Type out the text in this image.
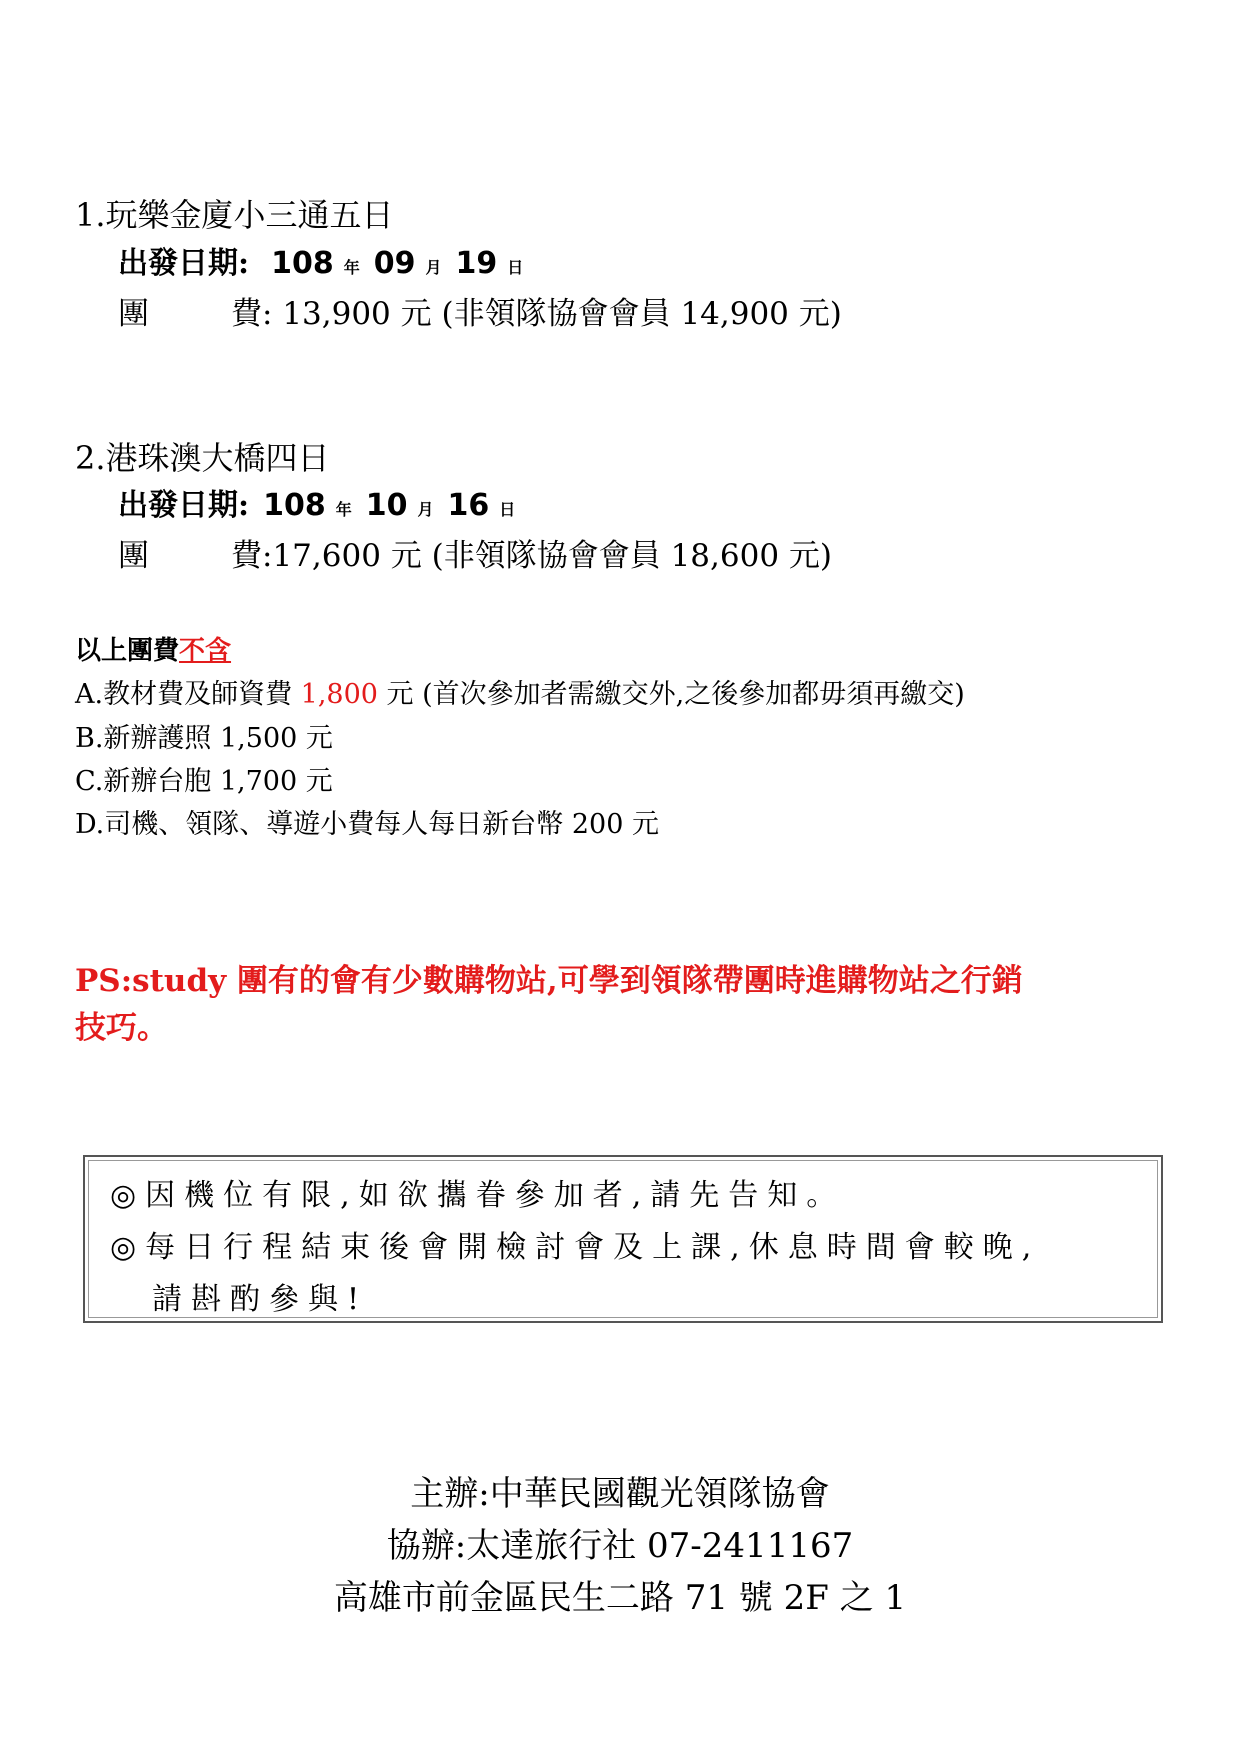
1.玩樂金廈小三通五日
出發日期: 108 年 09 月 19 日
團	費: 13,900 元 (非領隊協會會員 14,900 元)
2.港珠澳大橋四日
出發日期: 108 年 10 月 16 日
團	費:17,600 元 (非領隊協會會員 18,600 元)
以上團費不含
A.教材費及師資費 1,800 元 (首次參加者需繳交外,之後參加都毋須再繳交)
B.新辦護照 1,500 元
C.新辦台胞 1,700 元
D.司機、領隊、導遊小費每人每日新台幣 200 元
PS:study 團有的會有少數購物站,可學到領隊帶團時進購物站之行銷
技巧。
◎因機位有限,如欲攜眷參加者,請先告知。
◎每日行程結束後會開檢討會及上課,休息時間會較晚,
請斟酌參與!
主辦:中華民國觀光領隊協會
協辦:太達旅行社 07-2411167
高雄市前金區民生二路 71 號 2F 之 1
